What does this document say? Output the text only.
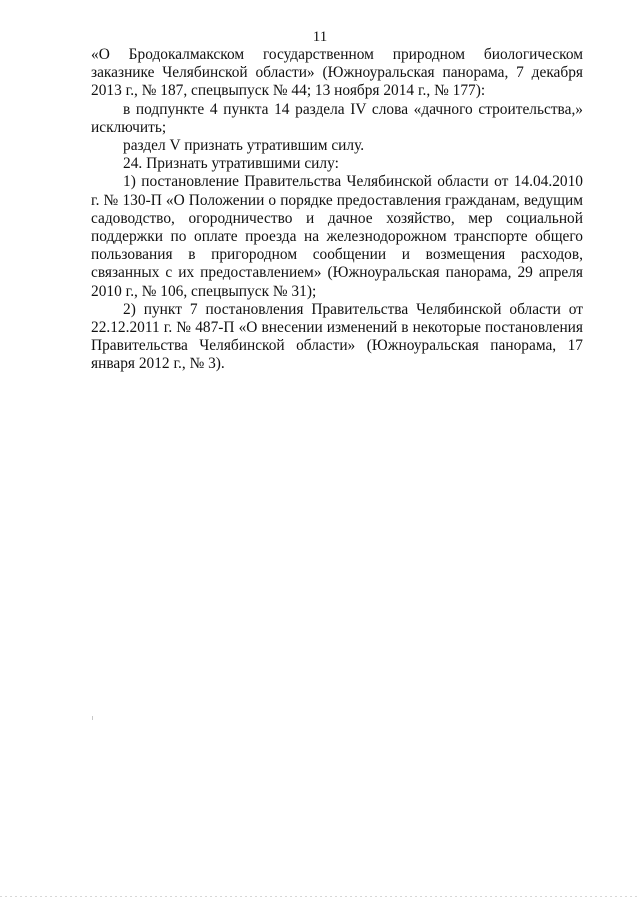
11

«О Бродокалмакском государственном природном биологическом заказнике Челябинской области» (Южноуральская панорама, 7 декабря 2013 г., № 187, спецвыпуск № 44; 13 ноября 2014 г., № 177):

в подпункте 4 пункта 14 раздела IV слова «дачного строительства,» исключить;

раздел V признать утратившим силу.

24. Признать утратившими силу:

1) постановление Правительства Челябинской области от 14.04.2010 г. № 130-П «О Положении о порядке предоставления гражданам, ведущим садоводство, огородничество и дачное хозяйство, мер социальной поддержки по оплате проезда на железнодорожном транспорте общего пользования в пригородном сообщении и возмещения расходов, связанных с их предоставлением» (Южноуральская панорама, 29 апреля 2010 г., № 106, спецвыпуск № 31);

2) пункт 7 постановления Правительства Челябинской области от 22.12.2011 г. № 487-П «О внесении изменений в некоторые постановления Правительства Челябинской области» (Южноуральская панорама, 17 января 2012 г., № 3).
